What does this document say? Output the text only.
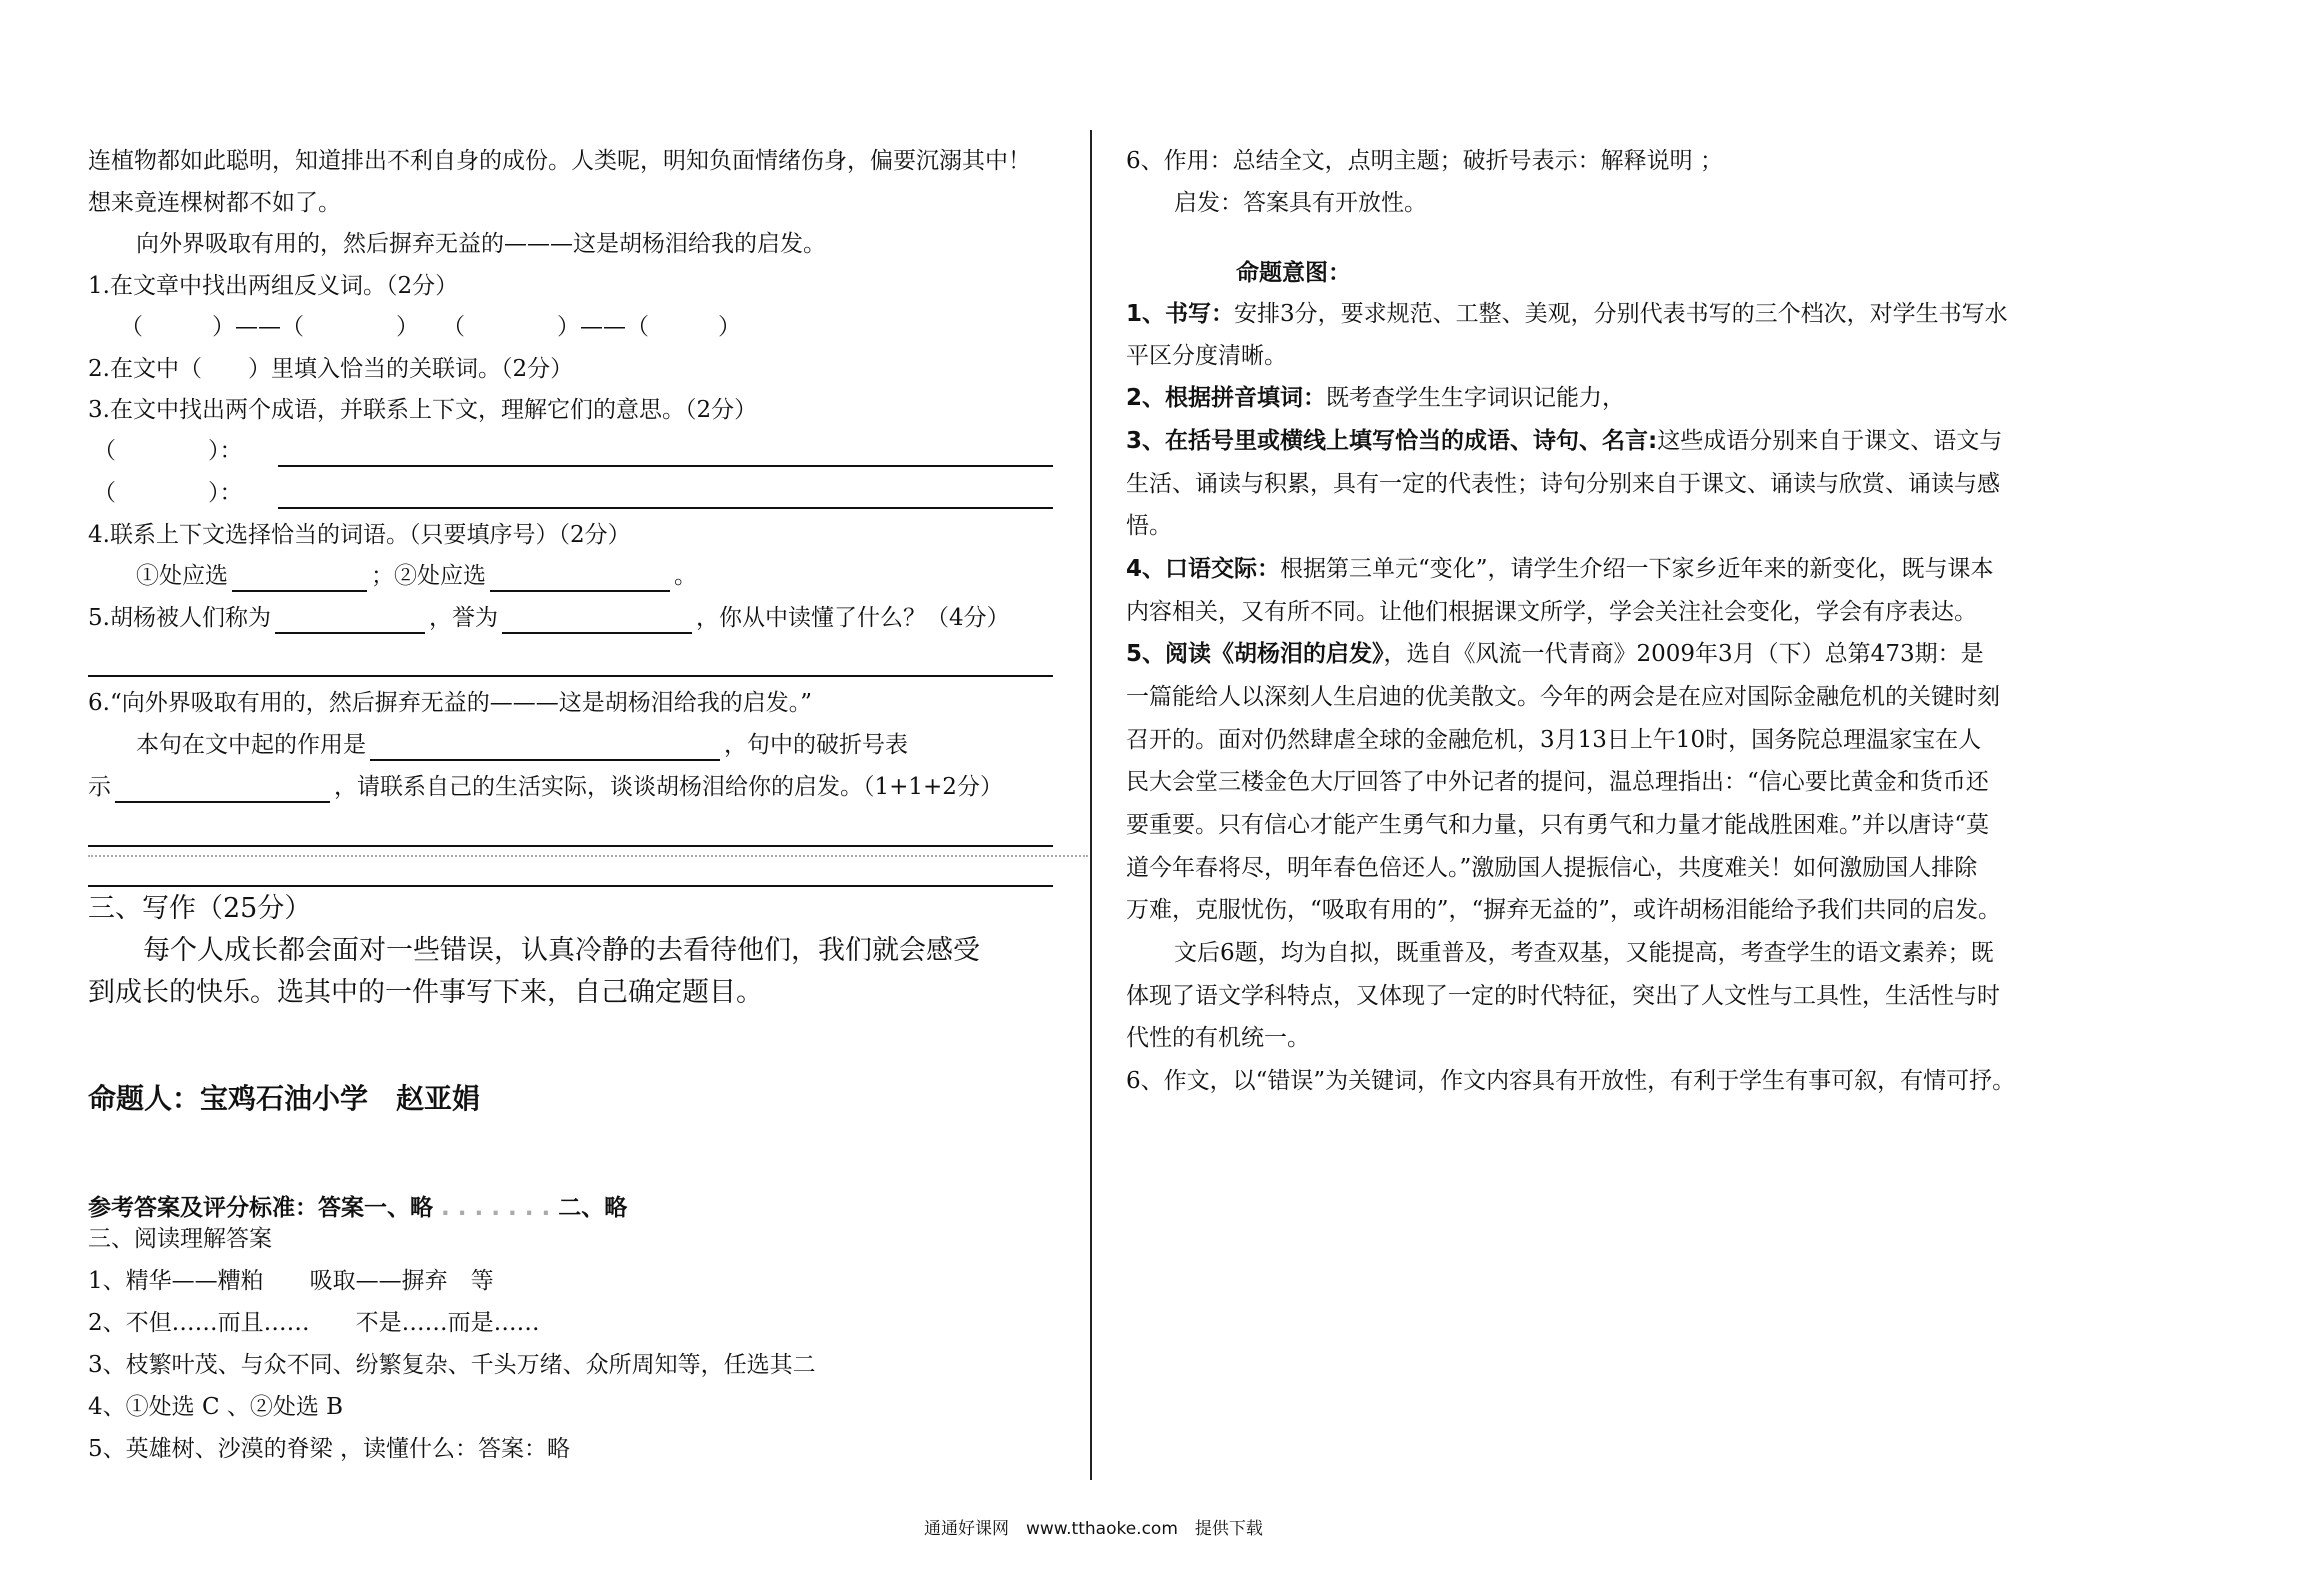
连植物都如此聪明，知道排出不利自身的成份。人类呢，明知负面情绪伤身，偏要沉溺其中！
想来竟连棵树都不如了。
向外界吸取有用的，然后摒弃无益的———这是胡杨泪给我的启发。
1.在文章中找出两组反义词。（2分）
（　　　）——（　　　　）　　（　　　　）——（　　　）
2.在文中（　　）里填入恰当的关联词。（2分）
3.在文中找出两个成语，并联系上下文，理解它们的意思。（2分）
（　　　　）：
（　　　　）：
4.联系上下文选择恰当的词语。（只要填序号）（2分）
①处应选	；②处应选	。
5.胡杨被人们称为	，誉为	，你从中读懂了什么？（4分）
6.“向外界吸取有用的，然后摒弃无益的———这是胡杨泪给我的启发。”
本句在文中起的作用是	，句中的破折号表
示	，请联系自己的生活实际，谈谈胡杨泪给你的启发。（1+1+2分）
三、写作（25分）
每个人成长都会面对一些错误，认真冷静的去看待他们，我们就会感受
到成长的快乐。选其中的一件事写下来，自己确定题目。
命题人：宝鸡石油小学　赵亚娟
参考答案及评分标准：答案一、略 . . . . . . . 二、略
三、阅读理解答案
1、精华——糟粕　　吸取——摒弃　等
2、不但……而且……　　不是……而是……
3、枝繁叶茂、与众不同、纷繁复杂、千头万绪、众所周知等，任选其二
4、①处选 C 、②处选 B
5、英雄树、沙漠的脊梁 ，读懂什么：答案：略
6、作用：总结全文，点明主题；破折号表示：解释说明 ；
启发：答案具有开放性。
命题意图：
1、书写：安排3分，要求规范、工整、美观，分别代表书写的三个档次，对学生书写水
平区分度清晰。
2、根据拼音填词：既考查学生生字词识记能力，
3、在括号里或横线上填写恰当的成语、诗句、名言:这些成语分别来自于课文、语文与
生活、诵读与积累，具有一定的代表性；诗句分别来自于课文、诵读与欣赏、诵读与感
悟。
4、口语交际：根据第三单元“变化”，请学生介绍一下家乡近年来的新变化，既与课本
内容相关，又有所不同。让他们根据课文所学，学会关注社会变化，学会有序表达。
5、阅读《胡杨泪的启发》，选自《风流一代青商》2009年3月（下）总第473期：是
一篇能给人以深刻人生启迪的优美散文。今年的两会是在应对国际金融危机的关键时刻
召开的。面对仍然肆虐全球的金融危机，3月13日上午10时，国务院总理温家宝在人
民大会堂三楼金色大厅回答了中外记者的提问，温总理指出：“信心要比黄金和货币还
要重要。只有信心才能产生勇气和力量，只有勇气和力量才能战胜困难。”并以唐诗“莫
道今年春将尽，明年春色倍还人。”激励国人提振信心，共度难关！如何激励国人排除
万难，克服忧伤，“吸取有用的”，“摒弃无益的”，或许胡杨泪能给予我们共同的启发。
文后6题，均为自拟，既重普及，考查双基，又能提高，考查学生的语文素养；既
体现了语文学科特点，又体现了一定的时代特征，突出了人文性与工具性，生活性与时
代性的有机统一。
6、作文，以“错误”为关键词，作文内容具有开放性，有利于学生有事可叙，有情可抒。
通通好课网　www.tthaoke.com　提供下载
